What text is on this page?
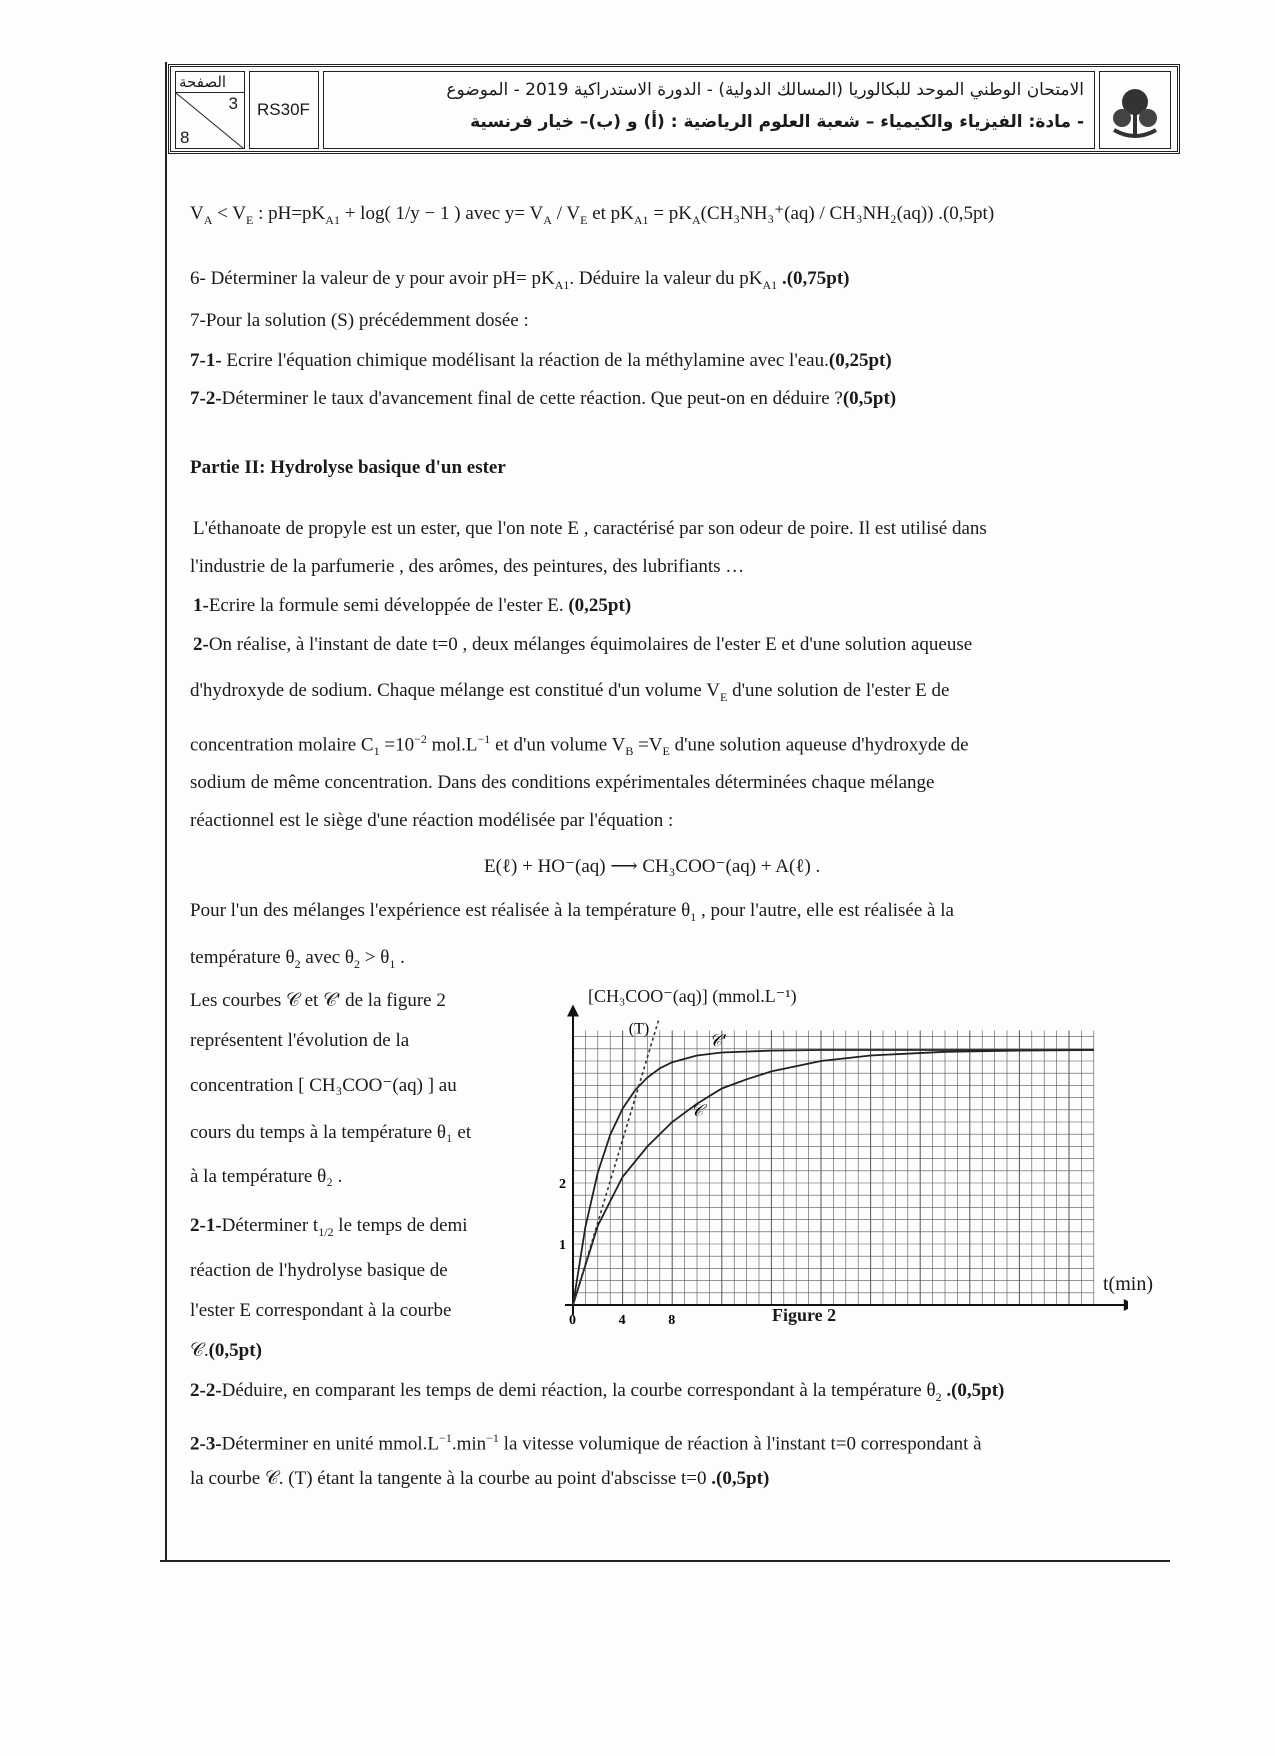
الصفحة
3
8
RS30F
الامتحان الوطني الموحد للبكالوريا (المسالك الدولية) - الدورة الاستدراكية 2019 - الموضوع
- مادة: الفيزياء والكيمياء – شعبة العلوم الرياضية : (أ) و (ب)– خيار فرنسية
$V_A < V_E$ : $pH=pK_{A1} + \log$( 1/y − 1 ) avec $y= V_A / V_E$ et $pK_{A1} = pK_A(CH_3NH_3^+(aq) / CH_3NH_2(aq))$ .(0,5pt)
6- Déterminer la valeur de y pour avoir $pH= pK_{A1}$. Déduire la valeur du $pK_{A1}$ .(0,75pt)
7-Pour la solution (S) précédemment dosée :
7-1- Ecrire l'équation chimique modélisant la réaction de la méthylamine avec l'eau.(0,25pt)
7-2-Déterminer le taux d'avancement final de cette réaction. Que peut-on en déduire ?(0,5pt)
Partie II: Hydrolyse basique d'un ester
L'éthanoate de propyle est un ester, que l'on note E , caractérisé par son odeur de poire. Il est utilisé dans
l'industrie de la parfumerie , des arômes, des peintures, des lubrifiants …
1-Ecrire la formule semi développée de l'ester E. (0,25pt)
2-On réalise, à l'instant de date t=0 , deux mélanges équimolaires de l'ester E et d'une solution aqueuse
d'hydroxyde de sodium. Chaque mélange est constitué d'un volume $V_E$ d'une solution de l'ester E de
concentration molaire $C_1 =10^{-2}$ $mol.L^{-1}$ et d'un volume $V_B =V_E$ d'une solution aqueuse d'hydroxyde de
sodium de même concentration. Dans des conditions expérimentales déterminées chaque mélange
réactionnel est le siège d'une réaction modélisée par l'équation :
E(ℓ) + HO⁻(aq) ⟶ CH₃COO⁻(aq) + A(ℓ) .
Pour l'un des mélanges l'expérience est réalisée à la température $\theta_1$ , pour l'autre, elle est réalisée à la
température $\theta_2$ avec $\theta_2 > \theta_1$ .
Les courbes 𝒞 et 𝒞' de la figure 2
représentent l'évolution de la
concentration [ CH₃COO⁻(aq) ] au
cours du temps à la température θ₁ et
à la température θ₂ .
2-1-Déterminer $t_{1/2}$ le temps de demi
réaction de l'hydrolyse basique de
l'ester E correspondant à la courbe
𝒞.(0,5pt)
2-2-Déduire, en comparant les temps de demi réaction, la courbe correspondant à la température $\theta_2$ .(0,5pt)
2-3-Déterminer en unité $mmol.L^{-1}.\min^{-1}$ la vitesse volumique de réaction à l'instant t=0 correspondant à
la courbe 𝒞. (T) étant la tangente à la courbe au point d'abscisse t=0 .(0,5pt)
[CH₃COO⁻(aq)] (mmol.L⁻¹)
0	4	8
1
2
𝒞'
𝒞
(T)
t(min)
Figure 2
